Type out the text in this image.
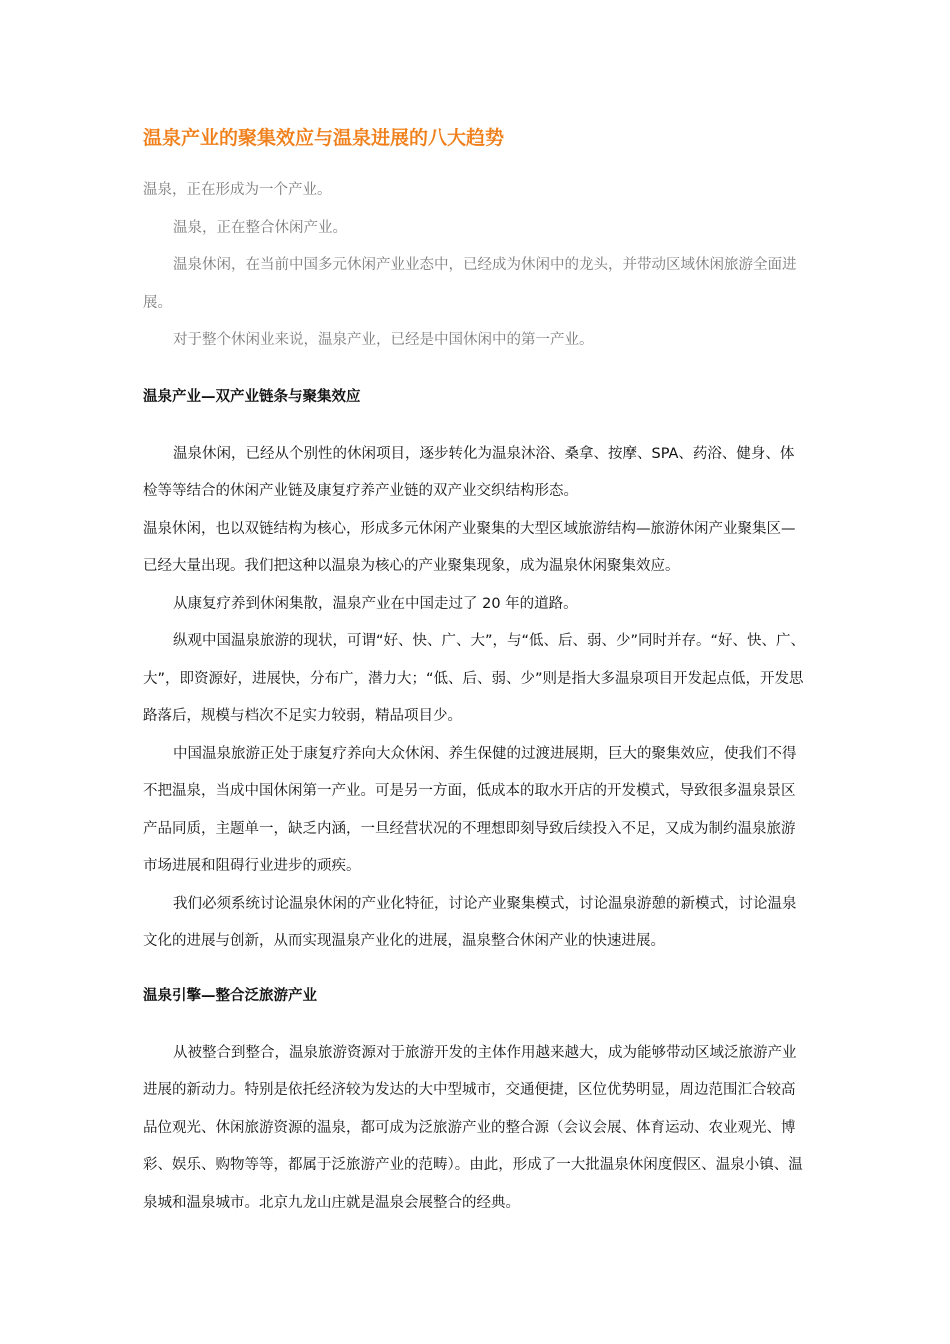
温泉产业的聚集效应与温泉进展的八大趋势

温泉，正在形成为一个产业。

温泉，正在整合休闲产业。

温泉休闲，在当前中国多元休闲产业业态中，已经成为休闲中的龙头，并带动区域休闲旅游全面进展。

对于整个休闲业来说，温泉产业，已经是中国休闲中的第一产业。

温泉产业—双产业链条与聚集效应

温泉休闲，已经从个别性的休闲项目，逐步转化为温泉沐浴、桑拿、按摩、SPA、药浴、健身、体检等等结合的休闲产业链及康复疗养产业链的双产业交织结构形态。

温泉休闲，也以双链结构为核心，形成多元休闲产业聚集的大型区域旅游结构—旅游休闲产业聚集区—已经大量出现。我们把这种以温泉为核心的产业聚集现象，成为温泉休闲聚集效应。

从康复疗养到休闲集散，温泉产业在中国走过了 20 年的道路。

纵观中国温泉旅游的现状，可谓“好、快、广、大”，与“低、后、弱、少”同时并存。“好、快、广、大”，即资源好，进展快，分布广，潜力大；“低、后、弱、少”则是指大多温泉项目开发起点低，开发思路落后，规模与档次不足实力较弱，精品项目少。

中国温泉旅游正处于康复疗养向大众休闲、养生保健的过渡进展期，巨大的聚集效应，使我们不得不把温泉，当成中国休闲第一产业。可是另一方面，低成本的取水开店的开发模式，导致很多温泉景区产品同质，主题单一，缺乏内涵，一旦经营状况的不理想即刻导致后续投入不足，又成为制约温泉旅游市场进展和阻碍行业进步的顽疾。

我们必须系统讨论温泉休闲的产业化特征，讨论产业聚集模式，讨论温泉游憩的新模式，讨论温泉文化的进展与创新，从而实现温泉产业化的进展，温泉整合休闲产业的快速进展。

温泉引擎—整合泛旅游产业

从被整合到整合，温泉旅游资源对于旅游开发的主体作用越来越大，成为能够带动区域泛旅游产业进展的新动力。特别是依托经济较为发达的大中型城市，交通便捷，区位优势明显，周边范围汇合较高品位观光、休闲旅游资源的温泉，都可成为泛旅游产业的整合源（会议会展、体育运动、农业观光、博彩、娱乐、购物等等，都属于泛旅游产业的范畴）。由此，形成了一大批温泉休闲度假区、温泉小镇、温泉城和温泉城市。北京九龙山庄就是温泉会展整合的经典。
